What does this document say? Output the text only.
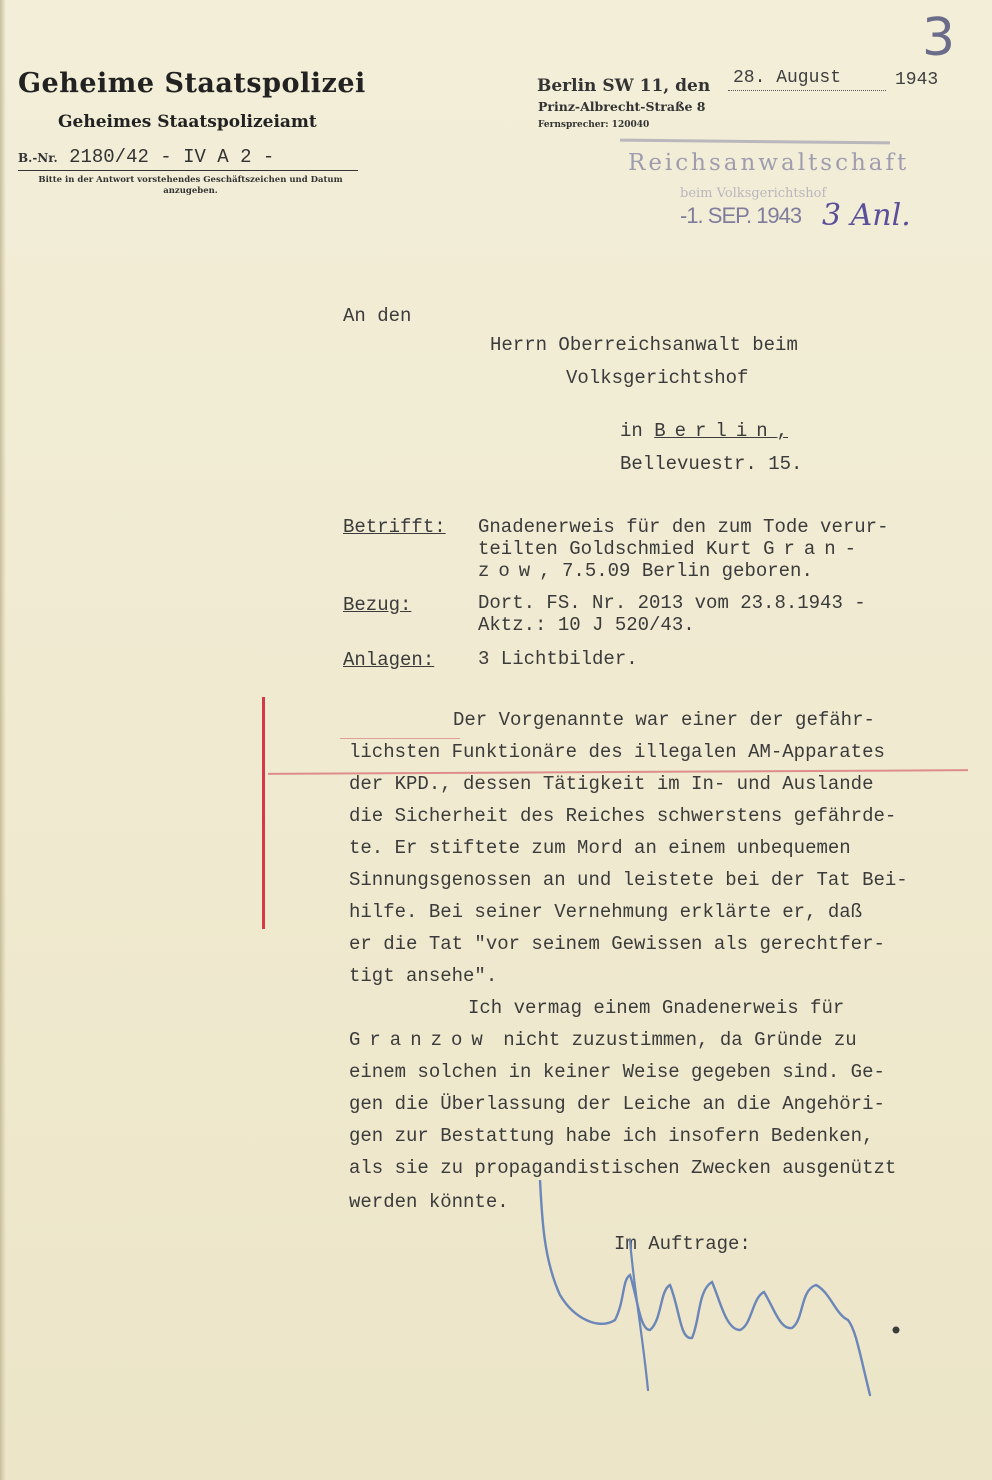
Geheime Staatspolizei
Geheimes Staatspolizeiamt
B.-Nr. 2180/42 - IV A 2 -
Bitte in der Antwort vorstehendes Geschäftszeichen und Datum anzugeben.
Berlin SW 11, den 28. August	1943
Prinz-Albrecht-Straße 8
Fernsprecher: 120040
3
Reichsanwaltschaft
beim Volksgerichtshof
-1. SEP. 1943 3 Anl.
An den
Herrn Oberreichsanwalt beim
Volksgerichtshof
in Berlin,
Bellevuestr. 15.
Betrifft: Gnadenerweis für den zum Tode verur-
teilten Goldschmied Kurt Gran-
zow, 7.5.09 Berlin geboren.
Bezug:	Dort. FS. Nr. 2013 vom 23.8.1943 -
Aktz.: 10 J 520/43.
Anlagen: 3 Lichtbilder.
Der Vorgenannte war einer der gefähr-
lichsten Funktionäre des illegalen AM-Apparates
der KPD., dessen Tätigkeit im In- und Auslande
die Sicherheit des Reiches schwerstens gefährde-
te. Er stiftete zum Mord an einem unbequemen
Sinnungsgenossen an und leistete bei der Tat Bei-
hilfe. Bei seiner Vernehmung erklärte er, daß
er die Tat "vor seinem Gewissen als gerechtfer-
tigt ansehe".
Ich vermag einem Gnadenerweis für
Granzow nicht zuzustimmen, da Gründe zu
einem solchen in keiner Weise gegeben sind. Ge-
gen die Überlassung der Leiche an die Angehöri-
gen zur Bestattung habe ich insofern Bedenken,
als sie zu propagandistischen Zwecken ausgenützt
werden könnte.
Im Auftrage:
